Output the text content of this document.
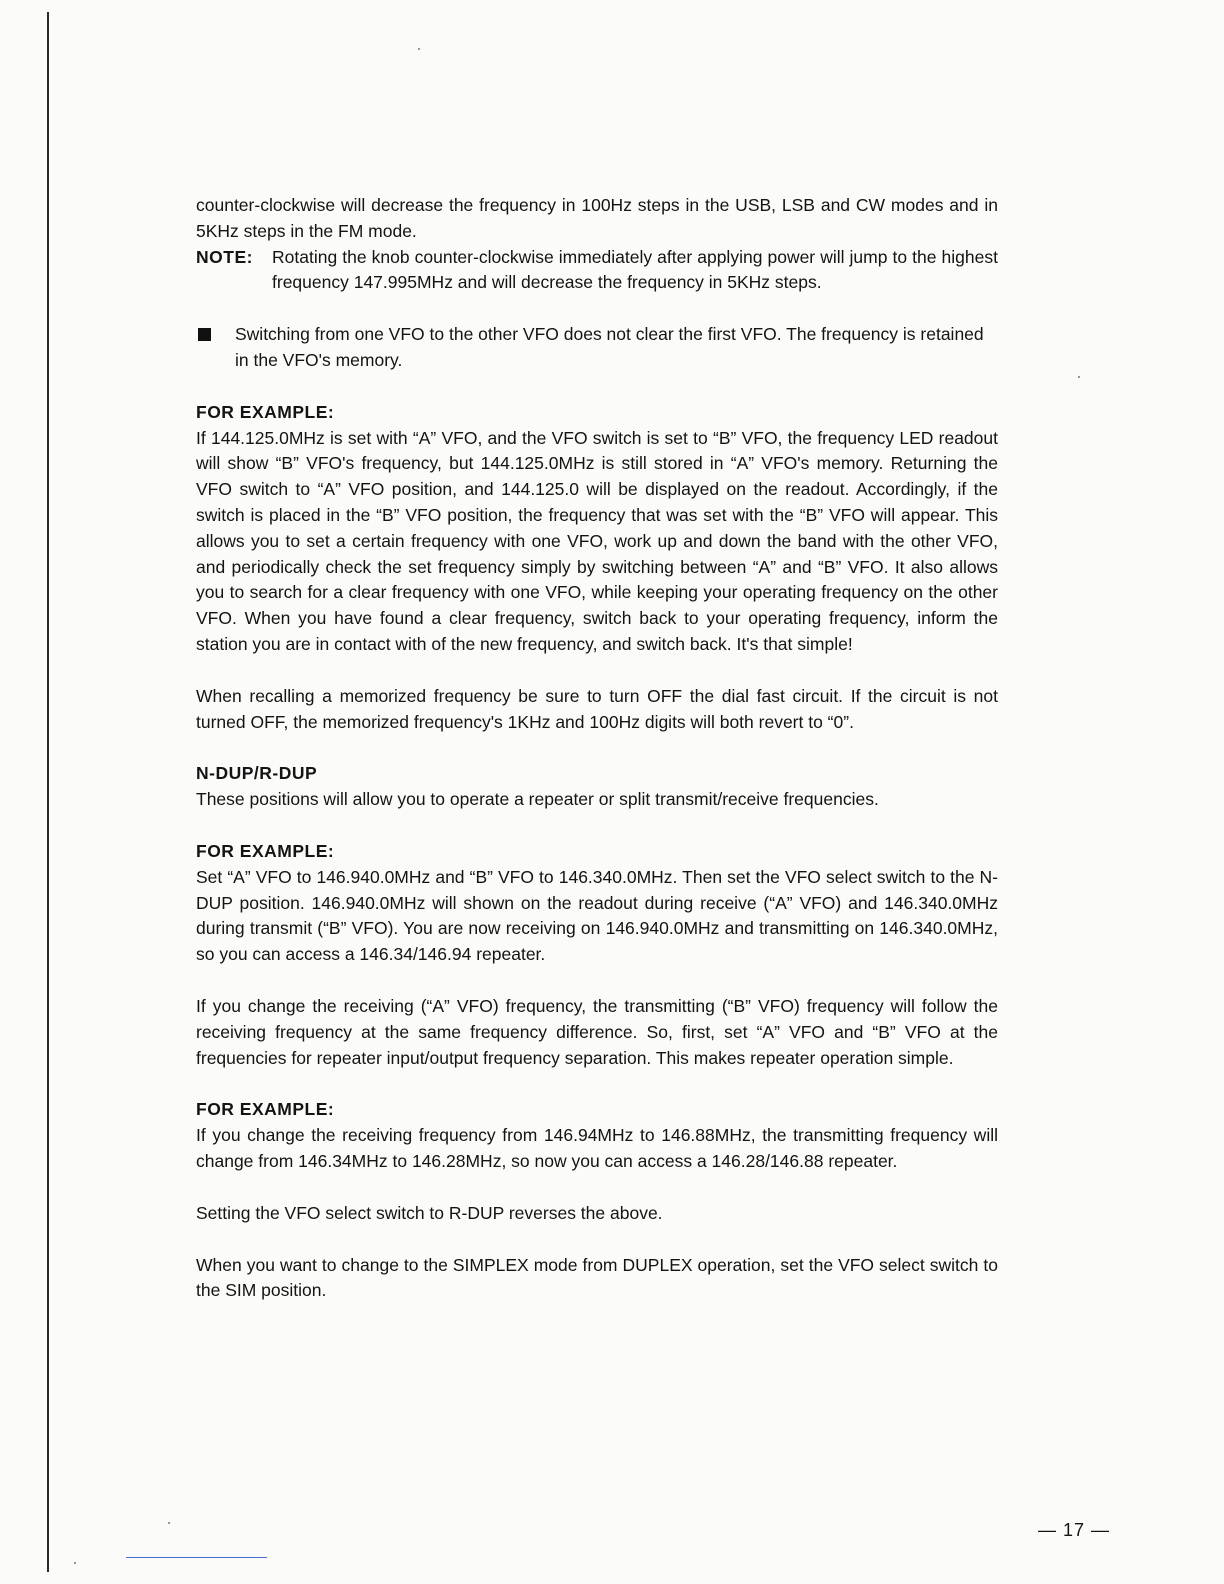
counter-clockwise will decrease the frequency in 100Hz steps in the USB, LSB and CW modes and in 5KHz steps in the FM mode.

NOTE:	Rotating the knob counter-clockwise immediately after applying power will jump to the highest frequency 147.995MHz and will decrease the frequency in 5KHz steps.
Switching from one VFO to the other VFO does not clear the first VFO. The frequency is retained in the VFO's memory.
FOR EXAMPLE:

If 144.125.0MHz is set with “A” VFO, and the VFO switch is set to “B” VFO, the frequency LED readout will show “B” VFO's frequency, but 144.125.0MHz is still stored in “A” VFO's memory. Returning the VFO switch to “A” VFO position, and 144.125.0 will be displayed on the readout. Accordingly, if the switch is placed in the “B” VFO position, the frequency that was set with the “B” VFO will appear. This allows you to set a certain frequency with one VFO, work up and down the band with the other VFO, and periodically check the set frequency simply by switching between “A” and “B” VFO. It also allows you to search for a clear frequency with one VFO, while keeping your operating frequency on the other VFO. When you have found a clear frequency, switch back to your operating frequency, inform the station you are in contact with of the new frequency, and switch back. It's that simple!

When recalling a memorized frequency be sure to turn OFF the dial fast circuit. If the circuit is not turned OFF, the memorized frequency's 1KHz and 100Hz digits will both revert to “0”.

N-DUP/R-DUP

These positions will allow you to operate a repeater or split transmit/receive frequencies.

FOR EXAMPLE:

Set “A” VFO to 146.940.0MHz and “B” VFO to 146.340.0MHz. Then set the VFO select switch to the N-DUP position. 146.940.0MHz will shown on the readout during receive (“A” VFO) and 146.340.0MHz during transmit (“B” VFO). You are now receiving on 146.940.0MHz and transmitting on 146.340.0MHz, so you can access a 146.34/146.94 repeater.

If you change the receiving (“A” VFO) frequency, the transmitting (“B” VFO) frequency will follow the receiving frequency at the same frequency difference. So, first, set “A” VFO and “B” VFO at the frequencies for repeater input/output frequency separation. This makes repeater operation simple.

FOR EXAMPLE:

If you change the receiving frequency from 146.94MHz to 146.88MHz, the transmitting frequency will change from 146.34MHz to 146.28MHz, so now you can access a 146.28/146.88 repeater.

Setting the VFO select switch to R-DUP reverses the above.

When you want to change to the SIMPLEX mode from DUPLEX operation, set the VFO select switch to the SIM position.

— 17 —
